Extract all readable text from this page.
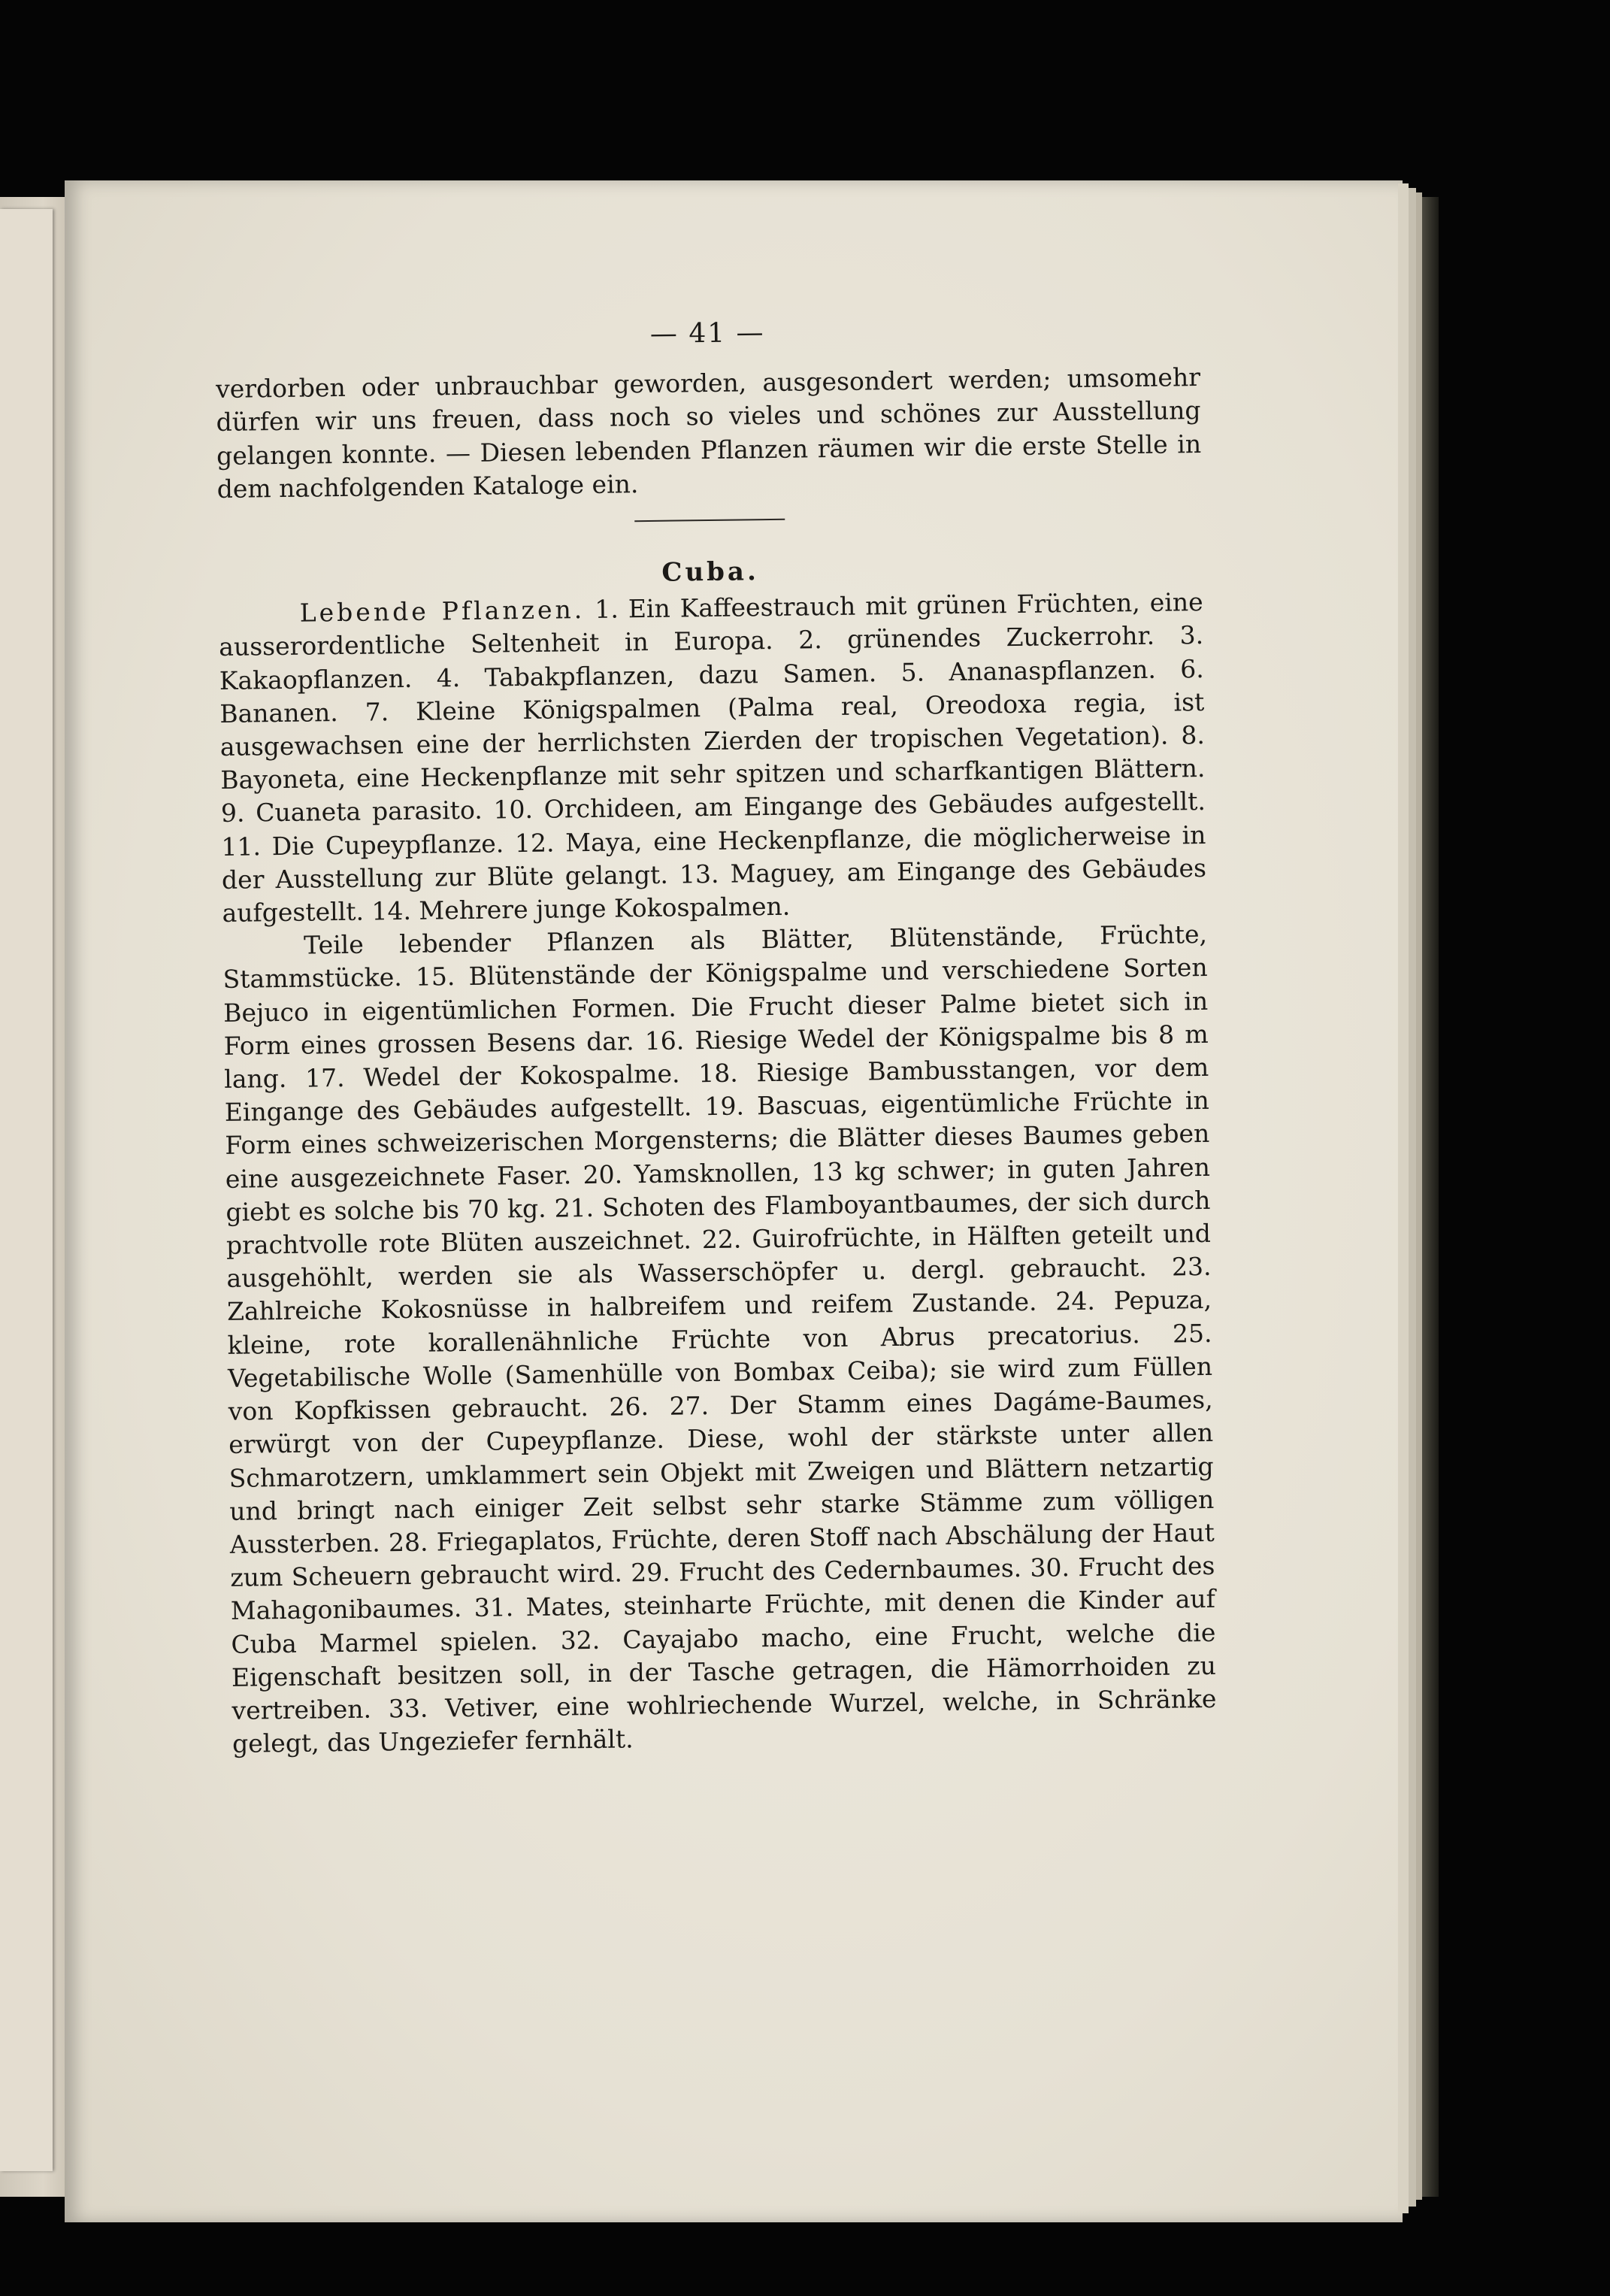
— 41 —

verdorben oder unbrauchbar geworden, ausgesondert werden; umsomehr dürfen wir uns freuen, dass noch so vieles und schönes zur Ausstellung gelangen konnte. — Diesen lebenden Pflanzen räumen wir die erste Stelle in dem nachfolgenden Kataloge ein.

Cuba.

Lebende Pflanzen. 1. Ein Kaffeestrauch mit grünen Früchten, eine ausserordentliche Seltenheit in Europa. 2. grünendes Zuckerrohr. 3. Kakaopflanzen. 4. Tabakpflanzen, dazu Samen. 5. Ananaspflanzen. 6. Bananen. 7. Kleine Königspalmen (Palma real, Oreodoxa regia, ist ausgewachsen eine der herrlichsten Zierden der tropischen Vegetation). 8. Bayoneta, eine Heckenpflanze mit sehr spitzen und scharfkantigen Blättern. 9. Cuaneta parasito. 10. Orchideen, am Eingange des Gebäudes aufgestellt. 11. Die Cupeypflanze. 12. Maya, eine Heckenpflanze, die möglicherweise in der Ausstellung zur Blüte gelangt. 13. Maguey, am Eingange des Gebäudes aufgestellt. 14. Mehrere junge Kokospalmen.

Teile lebender Pflanzen als Blätter, Blütenstände, Früchte, Stammstücke. 15. Blütenstände der Königspalme und verschiedene Sorten Bejuco in eigentümlichen Formen. Die Frucht dieser Palme bietet sich in Form eines grossen Besens dar. 16. Riesige Wedel der Königspalme bis 8 m lang. 17. Wedel der Kokospalme. 18. Riesige Bambusstangen, vor dem Eingange des Gebäudes aufgestellt. 19. Bascuas, eigentümliche Früchte in Form eines schweizerischen Morgensterns; die Blätter dieses Baumes geben eine ausgezeichnete Faser. 20. Yamsknollen, 13 kg schwer; in guten Jahren giebt es solche bis 70 kg. 21. Schoten des Flamboyantbaumes, der sich durch prachtvolle rote Blüten auszeichnet. 22. Guirofrüchte, in Hälften geteilt und ausgehöhlt, werden sie als Wasserschöpfer u. dergl. gebraucht. 23. Zahlreiche Kokosnüsse in halbreifem und reifem Zustande. 24. Pepuza, kleine, rote korallenähnliche Früchte von Abrus precatorius. 25. Vegetabilische Wolle (Samenhülle von Bombax Ceiba); sie wird zum Füllen von Kopfkissen gebraucht. 26. 27. Der Stamm eines Dagáme-Baumes, erwürgt von der Cupeypflanze. Diese, wohl der stärkste unter allen Schmarotzern, umklammert sein Objekt mit Zweigen und Blättern netzartig und bringt nach einiger Zeit selbst sehr starke Stämme zum völligen Aussterben. 28. Friegaplatos, Früchte, deren Stoff nach Abschälung der Haut zum Scheuern gebraucht wird. 29. Frucht des Cedernbaumes. 30. Frucht des Mahagonibaumes. 31. Mates, steinharte Früchte, mit denen die Kinder auf Cuba Marmel spielen. 32. Cayajabo macho, eine Frucht, welche die Eigenschaft besitzen soll, in der Tasche getragen, die Hämorrhoiden zu vertreiben. 33. Vetiver, eine wohlriechende Wurzel, welche, in Schränke gelegt, das Ungeziefer fernhält.
